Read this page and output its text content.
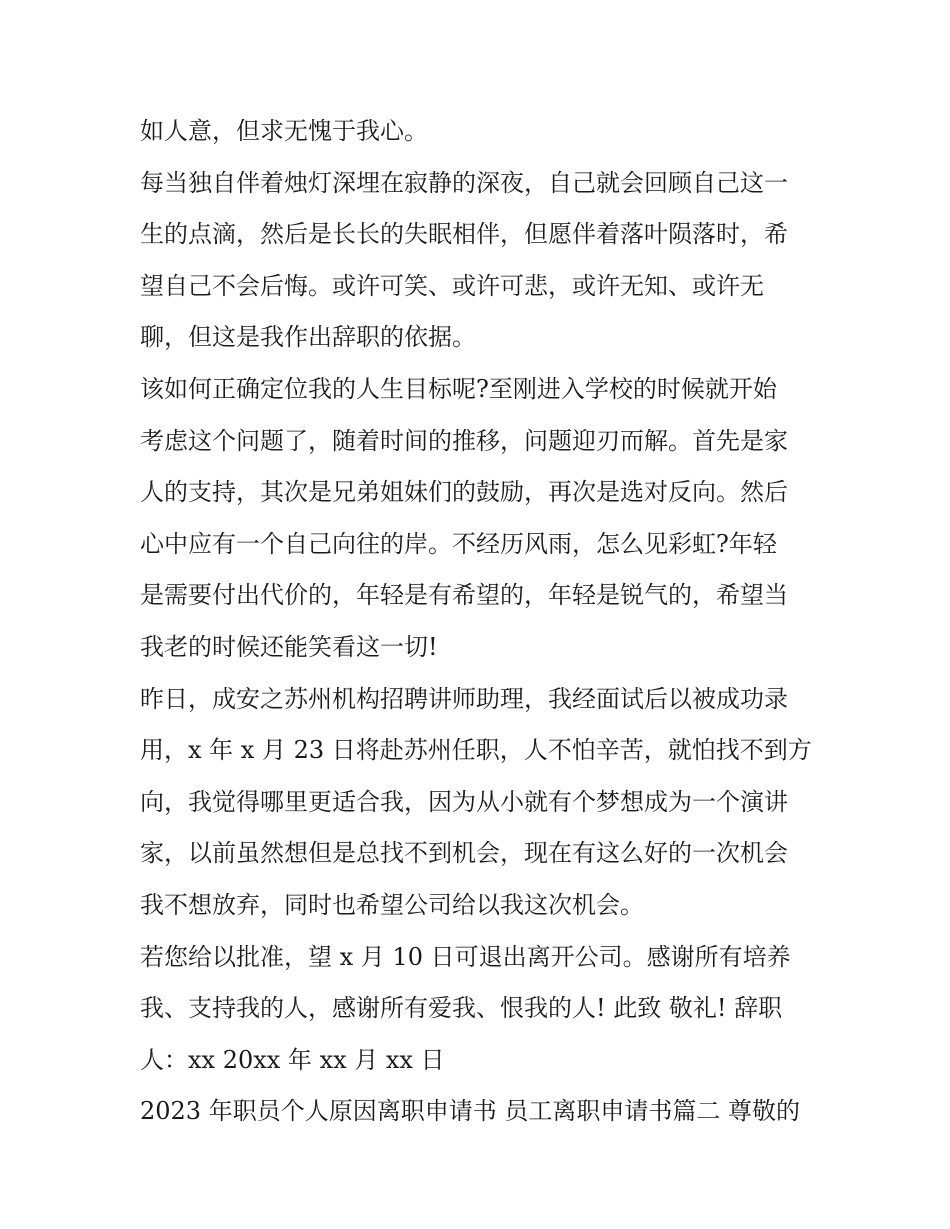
如人意，但求无愧于我心。
每当独自伴着烛灯深埋在寂静的深夜，自己就会回顾自己这一
生的点滴，然后是长长的失眠相伴，但愿伴着落叶陨落时，希
望自己不会后悔。或许可笑、或许可悲，或许无知、或许无
聊，但这是我作出辞职的依据。
该如何正确定位我的人生目标呢?至刚进入学校的时候就开始
考虑这个问题了，随着时间的推移，问题迎刃而解。首先是家
人的支持，其次是兄弟姐妹们的鼓励，再次是选对反向。然后
心中应有一个自己向往的岸。不经历风雨，怎么见彩虹?年轻
是需要付出代价的，年轻是有希望的，年轻是锐气的，希望当
我老的时候还能笑看这一切!
昨日，成安之苏州机构招聘讲师助理，我经面试后以被成功录
用，x 年 x 月 23 日将赴苏州任职，人不怕辛苦，就怕找不到方
向，我觉得哪里更适合我，因为从小就有个梦想成为一个演讲
家，以前虽然想但是总找不到机会，现在有这么好的一次机会
我不想放弃，同时也希望公司给以我这次机会。
若您给以批准，望 x 月 10 日可退出离开公司。感谢所有培养
我、支持我的人，感谢所有爱我、恨我的人! 此致 敬礼! 辞职
人：xx 20xx 年 xx 月 xx 日
2023 年职员个人原因离职申请书 员工离职申请书篇二 尊敬的
